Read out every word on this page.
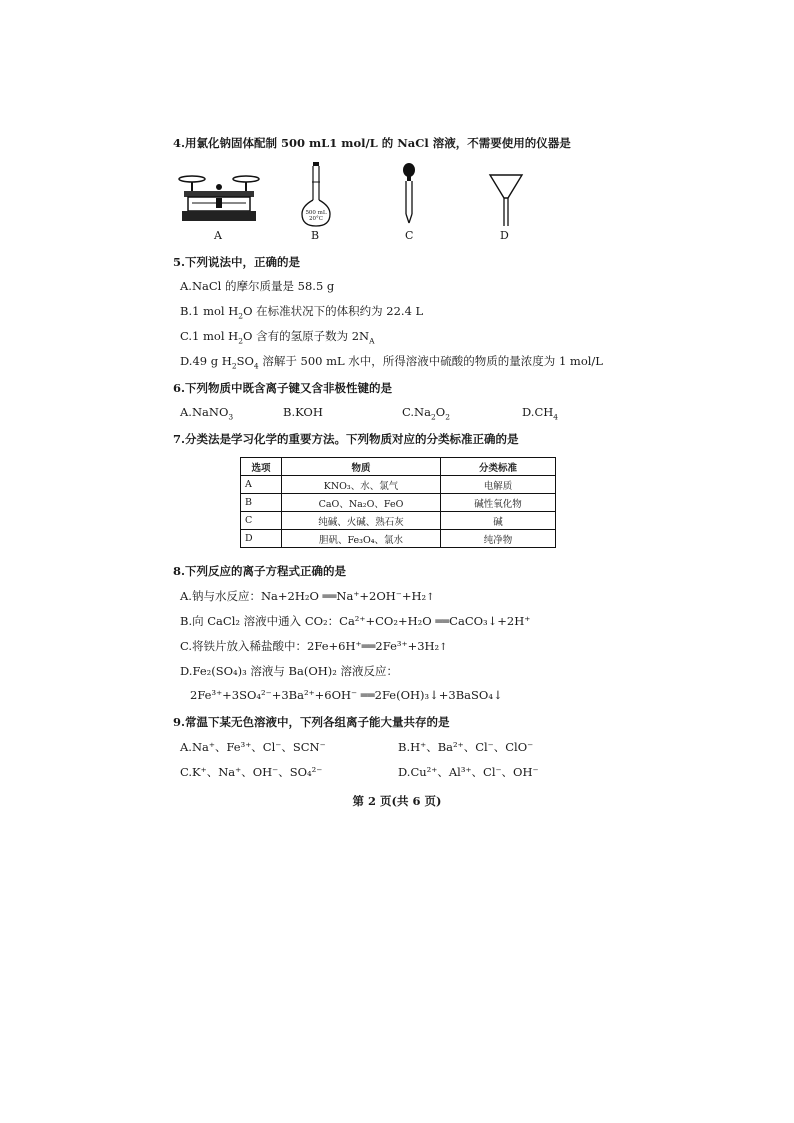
4.用氯化钠固体配制 500 mL1 mol/L 的 NaCl 溶液，不需要使用的仪器是
A
500 mL
20°C
B	C	D
5.下列说法中，正确的是
A.NaCl 的摩尔质量是 58.5 g
B.1 mol $H_2O$ 在标准状况下的体积约为 22.4 L
C.1 mol $H_2O$ 含有的氢原子数为 $2N_A$
D.49 g $H_2SO_4$ 溶解于 500 mL 水中，所得溶液中硫酸的物质的量浓度为 1 mol/L
6.下列物质中既含离子键又含非极性键的是
A.NaNO$_3$	B.KOH	$C.Na_2O_2$	$D.CH_4$
7.分类法是学习化学的重要方法。下列物质对应的分类标准正确的是
选项	物质	分类标准
A	KNO₃、水、氯气	电解质
B	CaO、Na₂O、FeO	碱性氧化物
C	纯碱、火碱、熟石灰	碱
D	胆矾、Fe₃O₄、氯水	纯净物
8.下列反应的离子方程式正确的是
A.钠与水反应：Na+2H₂O ══Na⁺+2OH⁻+H₂↑
B.向 CaCl₂ 溶液中通入 CO₂：Ca²⁺+CO₂+H₂O ══CaCO₃↓+2H⁺
C.将铁片放入稀盐酸中：2Fe+6H⁺══2Fe³⁺+3H₂↑
D.Fe₂(SO₄)₃ 溶液与 Ba(OH)₂ 溶液反应：
2Fe³⁺+3SO₄²⁻+3Ba²⁺+6OH⁻ ══2Fe(OH)₃↓+3BaSO₄↓
9.常温下某无色溶液中，下列各组离子能大量共存的是
A.Na⁺、Fe³⁺、Cl⁻、SCN⁻	B.H⁺、Ba²⁺、Cl⁻、ClO⁻
C.K⁺、Na⁺、OH⁻、SO₄²⁻	D.Cu²⁺、Al³⁺、Cl⁻、OH⁻
第 2 页(共 6 页)
